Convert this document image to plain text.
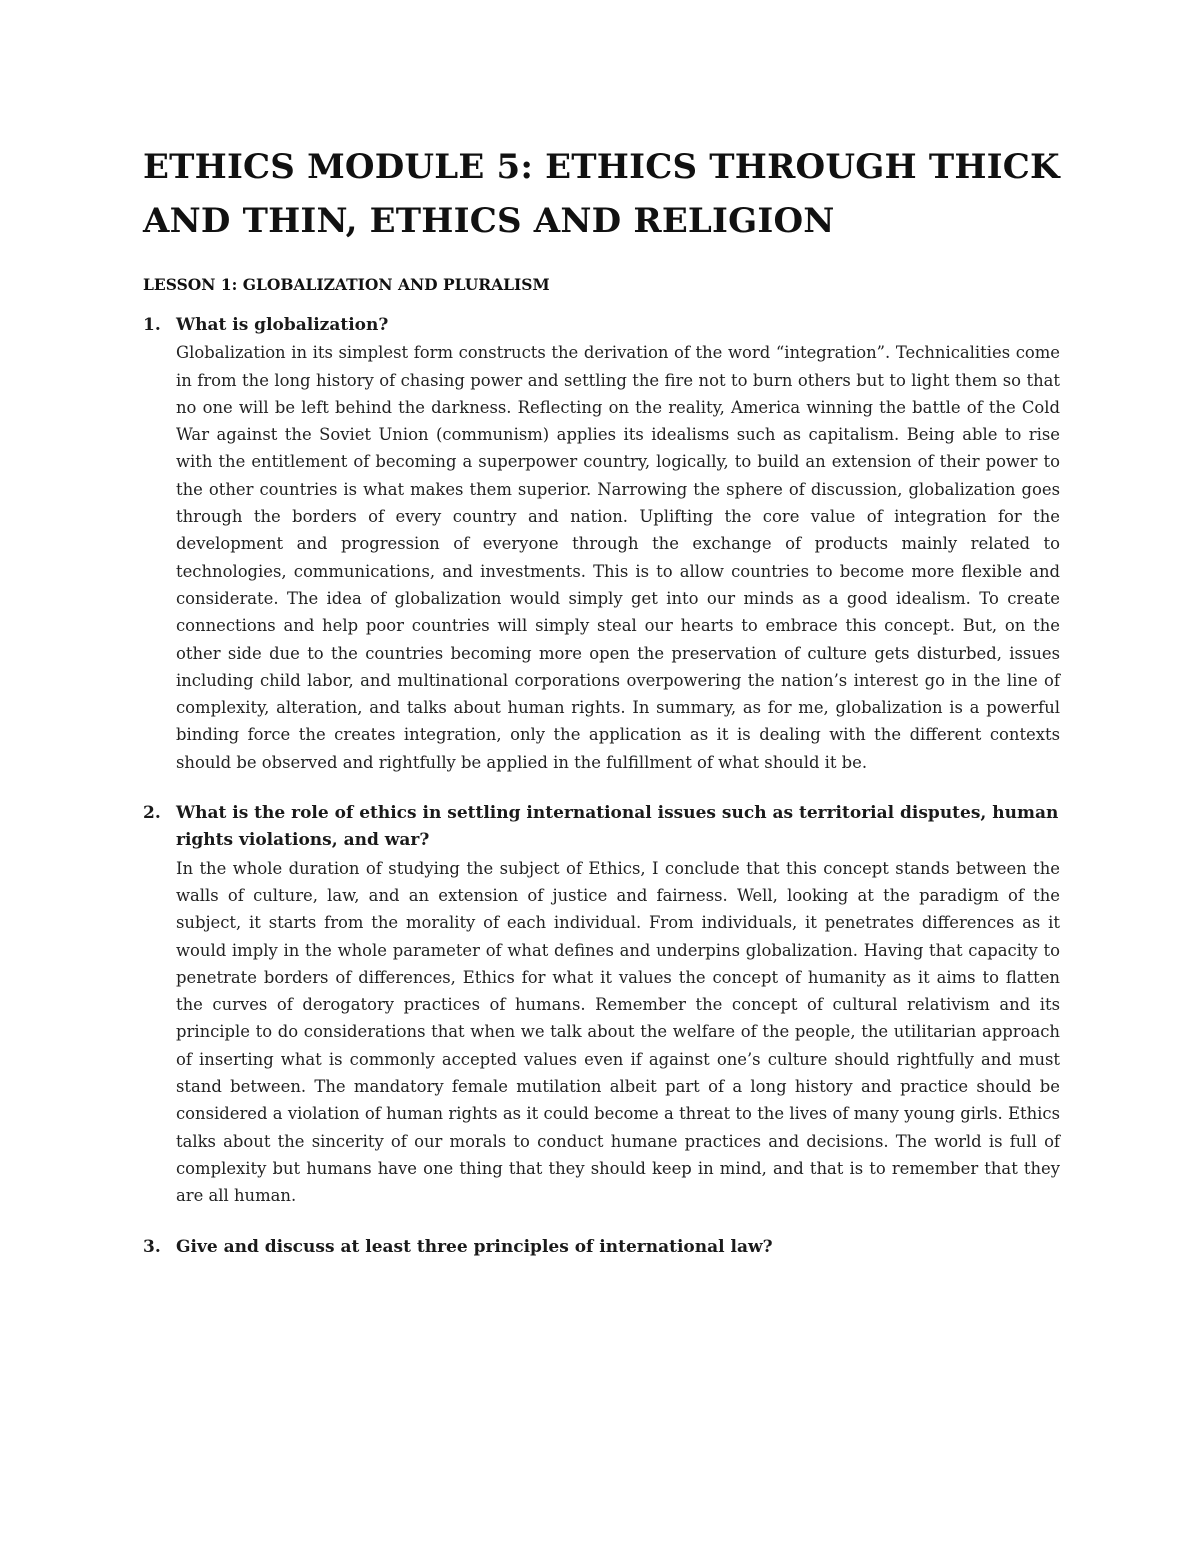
ETHICS MODULE 5: ETHICS THROUGH THICK AND THIN, ETHICS AND RELIGION
LESSON 1: GLOBALIZATION AND PLURALISM
1. What is globalization?

Globalization in its simplest form constructs the derivation of the word “integration”. Technicalities come in from the long history of chasing power and settling the fire not to burn others but to light them so that no one will be left behind the darkness. Reflecting on the reality, America winning the battle of the Cold War against the Soviet Union (communism) applies its idealisms such as capitalism. Being able to rise with the entitlement of becoming a superpower country, logically, to build an extension of their power to the other countries is what makes them superior. Narrowing the sphere of discussion, globalization goes through the borders of every country and nation. Uplifting the core value of integration for the development and progression of everyone through the exchange of products mainly related to technologies, communications, and investments. This is to allow countries to become more flexible and considerate. The idea of globalization would simply get into our minds as a good idealism. To create connections and help poor countries will simply steal our hearts to embrace this concept. But, on the other side due to the countries becoming more open the preservation of culture gets disturbed, issues including child labor, and multinational corporations overpowering the nation’s interest go in the line of complexity, alteration, and talks about human rights. In summary, as for me, globalization is a powerful binding force the creates integration, only the application as it is dealing with the different contexts should be observed and rightfully be applied in the fulfillment of what should it be.

2. What is the role of ethics in settling international issues such as territorial disputes, human rights violations, and war?

In the whole duration of studying the subject of Ethics, I conclude that this concept stands between the walls of culture, law, and an extension of justice and fairness. Well, looking at the paradigm of the subject, it starts from the morality of each individual. From individuals, it penetrates differences as it would imply in the whole parameter of what defines and underpins globalization. Having that capacity to penetrate borders of differences, Ethics for what it values the concept of humanity as it aims to flatten the curves of derogatory practices of humans. Remember the concept of cultural relativism and its principle to do considerations that when we talk about the welfare of the people, the utilitarian approach of inserting what is commonly accepted values even if against one’s culture should rightfully and must stand between. The mandatory female mutilation albeit part of a long history and practice should be considered a violation of human rights as it could become a threat to the lives of many young girls. Ethics talks about the sincerity of our morals to conduct humane practices and decisions. The world is full of complexity but humans have one thing that they should keep in mind, and that is to remember that they are all human.

3. Give and discuss at least three principles of international law?
